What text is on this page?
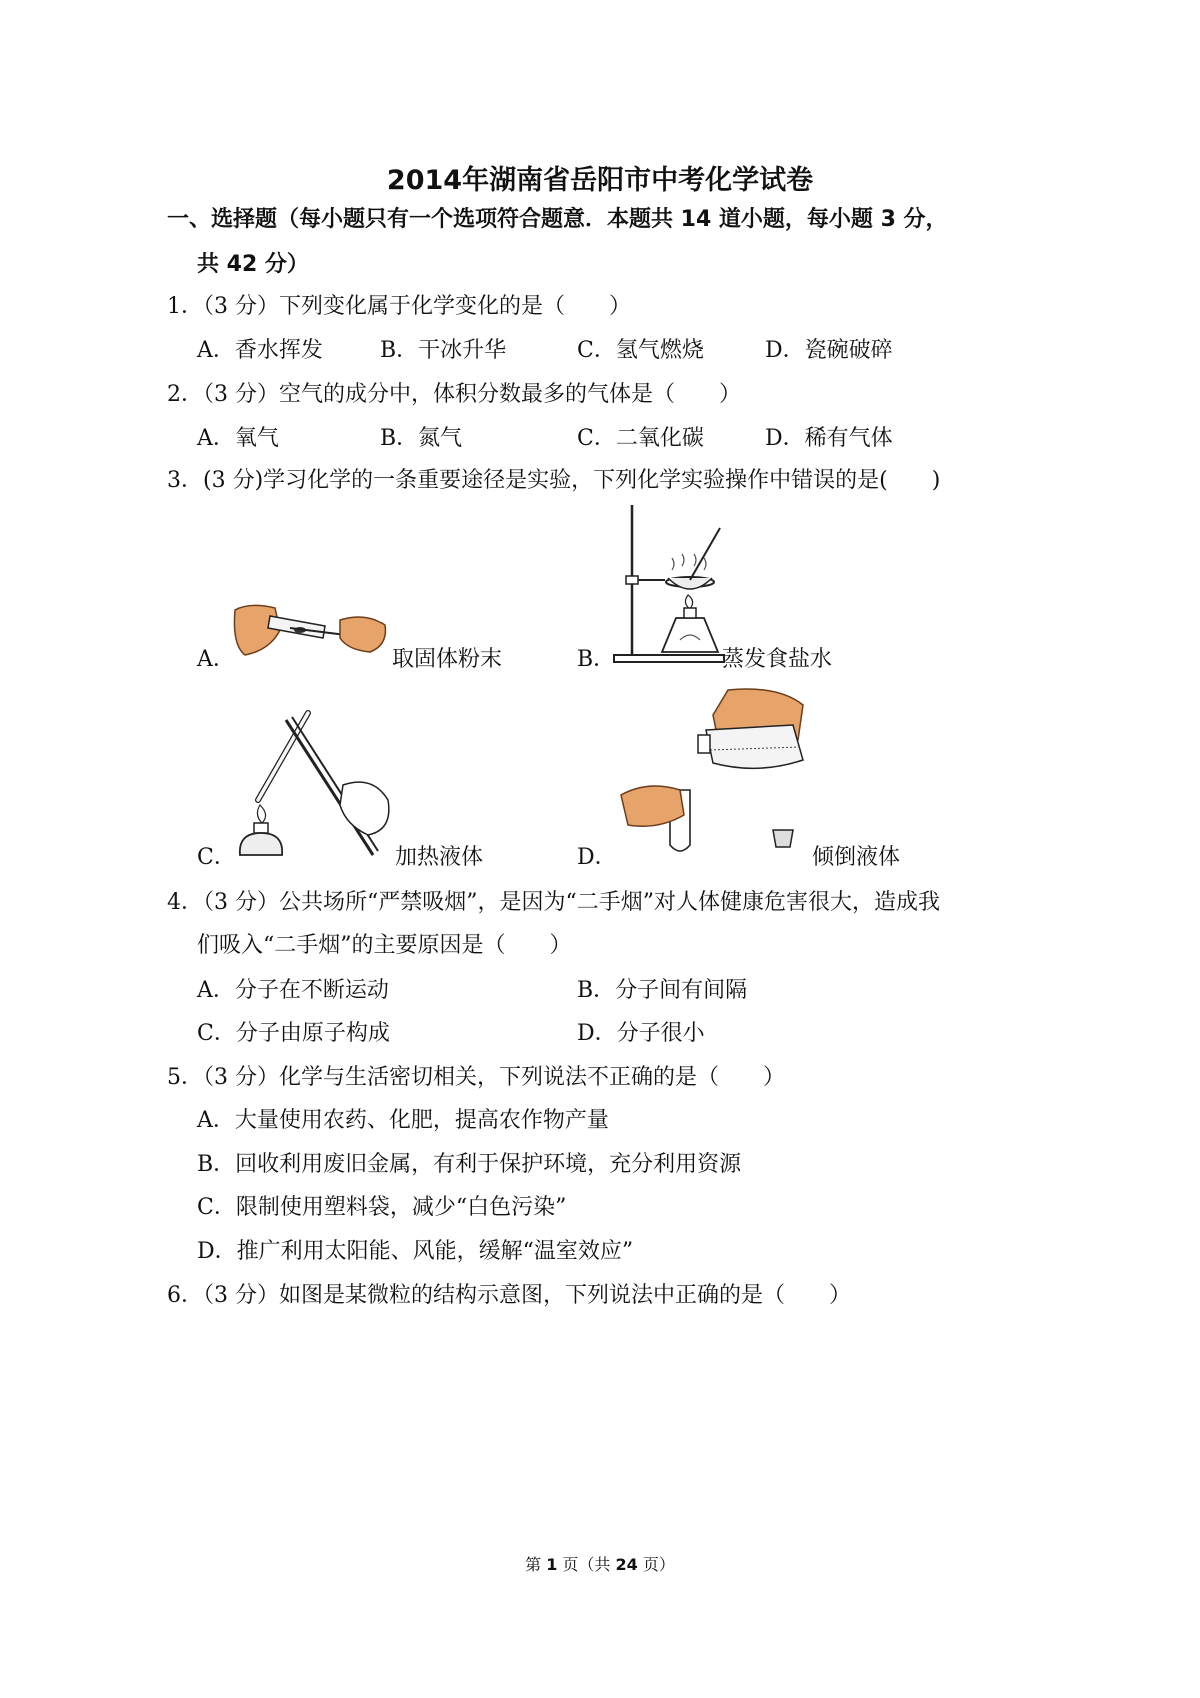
2014年湖南省岳阳市中考化学试卷
一、选择题（每小题只有一个选项符合题意．本题共 14 道小题，每小题 3 分，
共 42 分）
1．（3 分）下列变化属于化学变化的是（　　）
A．香水挥发	B．干冰升华	C．氢气燃烧	D．瓷碗破碎
2．（3 分）空气的成分中，体积分数最多的气体是（　　）
A．氧气	B．氮气	C．二氧化碳	D．稀有气体
3．(3 分)学习化学的一条重要途径是实验，下列化学实验操作中错误的是(　　)
A．	取固体粉末	B．	蒸发食盐水
C．	加热液体	D．	倾倒液体
4．（3 分）公共场所“严禁吸烟”，是因为“二手烟”对人体健康危害很大，造成我
们吸入“二手烟”的主要原因是（　　）
A．分子在不断运动	B．分子间有间隔
C．分子由原子构成	D．分子很小
5．（3 分）化学与生活密切相关，下列说法不正确的是（　　）
A．大量使用农药、化肥，提高农作物产量
B．回收利用废旧金属，有利于保护环境，充分利用资源
C．限制使用塑料袋，减少“白色污染”
D．推广利用太阳能、风能，缓解“温室效应”
6．（3 分）如图是某微粒的结构示意图，下列说法中正确的是（　　）
第 1 页（共 24 页）
